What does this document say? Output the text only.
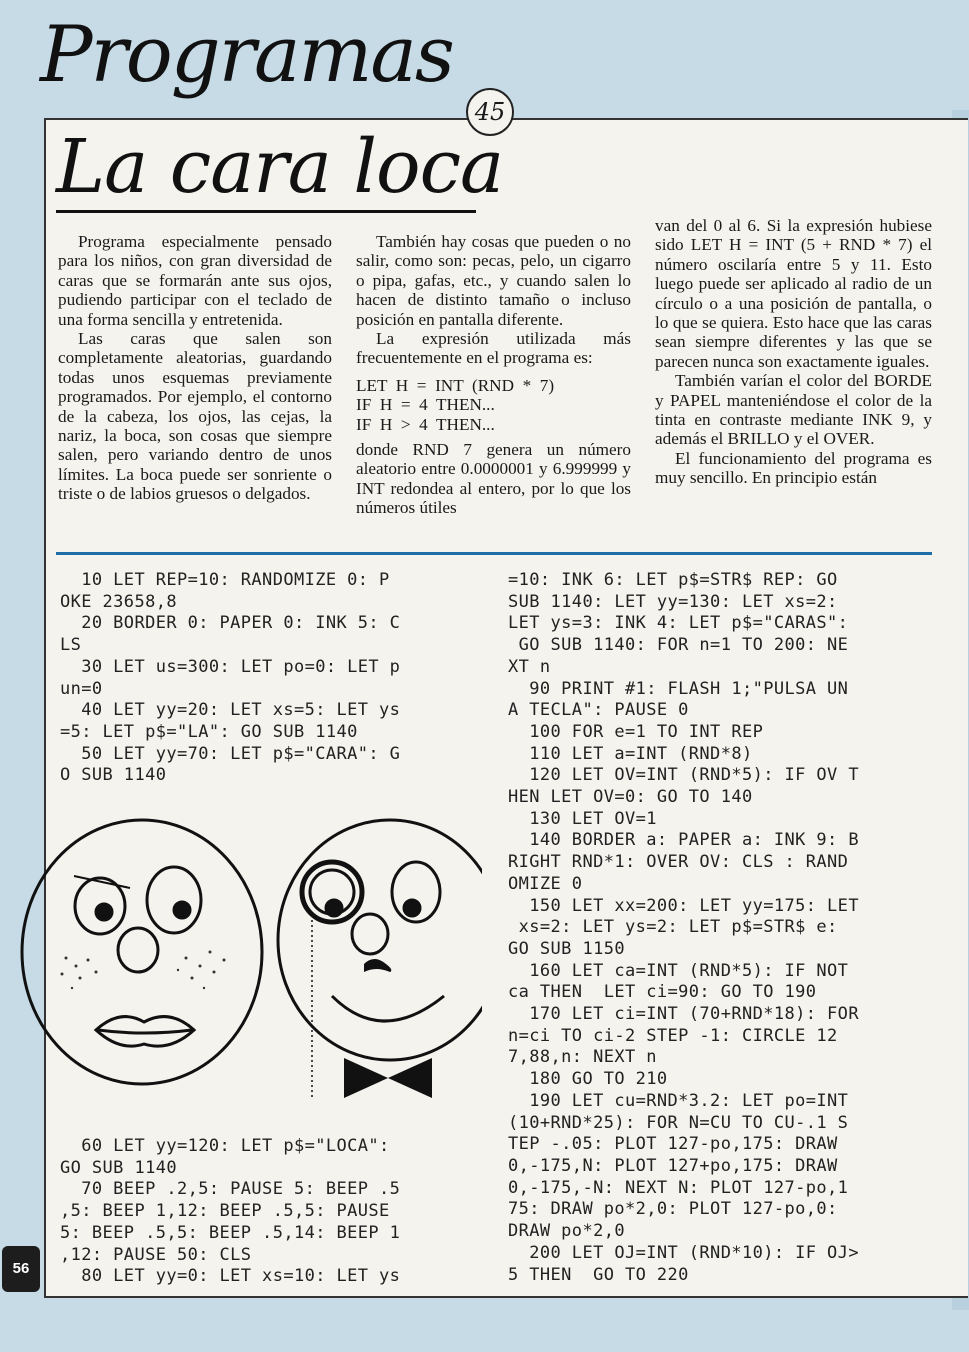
Programas
45
La cara loca

Programa especialmente pensado para los niños, con gran diversidad de caras que se formarán ante sus ojos, pudiendo participar con el teclado de una forma sencilla y entretenida.

Las caras que salen son completamente aleatorias, guardando todas unos esquemas previamente programados. Por ejemplo, el contorno de la cabeza, los ojos, las cejas, la nariz, la boca, son cosas que siempre salen, pero variando dentro de unos límites. La boca puede ser sonriente o triste o de labios gruesos o delgados.

También hay cosas que pueden o no salir, como son: pecas, pelo, un cigarro o pipa, gafas, etc., y cuando salen lo hacen de distinto tamaño o incluso posición en pantalla diferente.

La expresión utilizada más frecuentemente en el programa es:

LET  H  =  INT  (RND  *  7)
IF  H  =  4  THEN...
IF  H  >  4  THEN...

donde RND 7 genera un número aleatorio entre 0.0000001 y 6.999999 y INT redondea al entero, por lo que los números útiles

van del 0 al 6. Si la expresión hubiese sido LET H = INT (5 + RND * 7) el número oscilaría entre 5 y 11. Esto luego puede ser aplicado al radio de un círculo o a una posición de pantalla, o lo que se quiera. Esto hace que las caras sean siempre diferentes y las que se parecen nunca son exactamente iguales.

También varían el color del BORDE y PAPEL manteniéndose el color de la tinta en contraste mediante INK 9, y además el BRILLO y el OVER.

El funcionamiento del programa es muy sencillo. En principio están

10 LET REP=10: RANDOMIZE 0: P
OKE 23658,8
20 BORDER 0: PAPER 0: INK 5: C
LS
30 LET us=300: LET po=0: LET p
un=0
40 LET yy=20: LET xs=5: LET ys
=5: LET p$="LA": GO SUB 1140
50 LET yy=70: LET p$="CARA": G
O SUB 1140
60 LET yy=120: LET p$="LOCA":
GO SUB 1140
70 BEEP .2,5: PAUSE 5: BEEP .5
,5: BEEP 1,12: BEEP .5,5: PAUSE
5: BEEP .5,5: BEEP .5,14: BEEP 1
,12: PAUSE 50: CLS
80 LET yy=0: LET xs=10: LET ys
=10: INK 6: LET p$=STR$ REP: GO
SUB 1140: LET yy=130: LET xs=2:
LET ys=3: INK 4: LET p$="CARAS":
GO SUB 1140: FOR n=1 TO 200: NE
XT n
90 PRINT #1: FLASH 1;"PULSA UN
A TECLA": PAUSE 0
100 FOR e=1 TO INT REP
110 LET a=INT (RND*8)
120 LET OV=INT (RND*5): IF OV T
HEN LET OV=0: GO TO 140
130 LET OV=1
140 BORDER a: PAPER a: INK 9: B
RIGHT RND*1: OVER OV: CLS : RAND
OMIZE 0
150 LET xx=200: LET yy=175: LET
xs=2: LET ys=2: LET p$=STR$ e:
GO SUB 1150
160 LET ca=INT (RND*5): IF NOT
ca THEN  LET ci=90: GO TO 190
170 LET ci=INT (70+RND*18): FOR
n=ci TO ci-2 STEP -1: CIRCLE 12
7,88,n: NEXT n
180 GO TO 210
190 LET cu=RND*3.2: LET po=INT
(10+RND*25): FOR N=CU TO CU-.1 S
TEP -.05: PLOT 127-po,175: DRAW
0,-175,N: PLOT 127+po,175: DRAW
0,-175,-N: NEXT N: PLOT 127-po,1
75: DRAW po*2,0: PLOT 127-po,0:
DRAW po*2,0
200 LET OJ=INT (RND*10): IF OJ>
5 THEN  GO TO 220
56
